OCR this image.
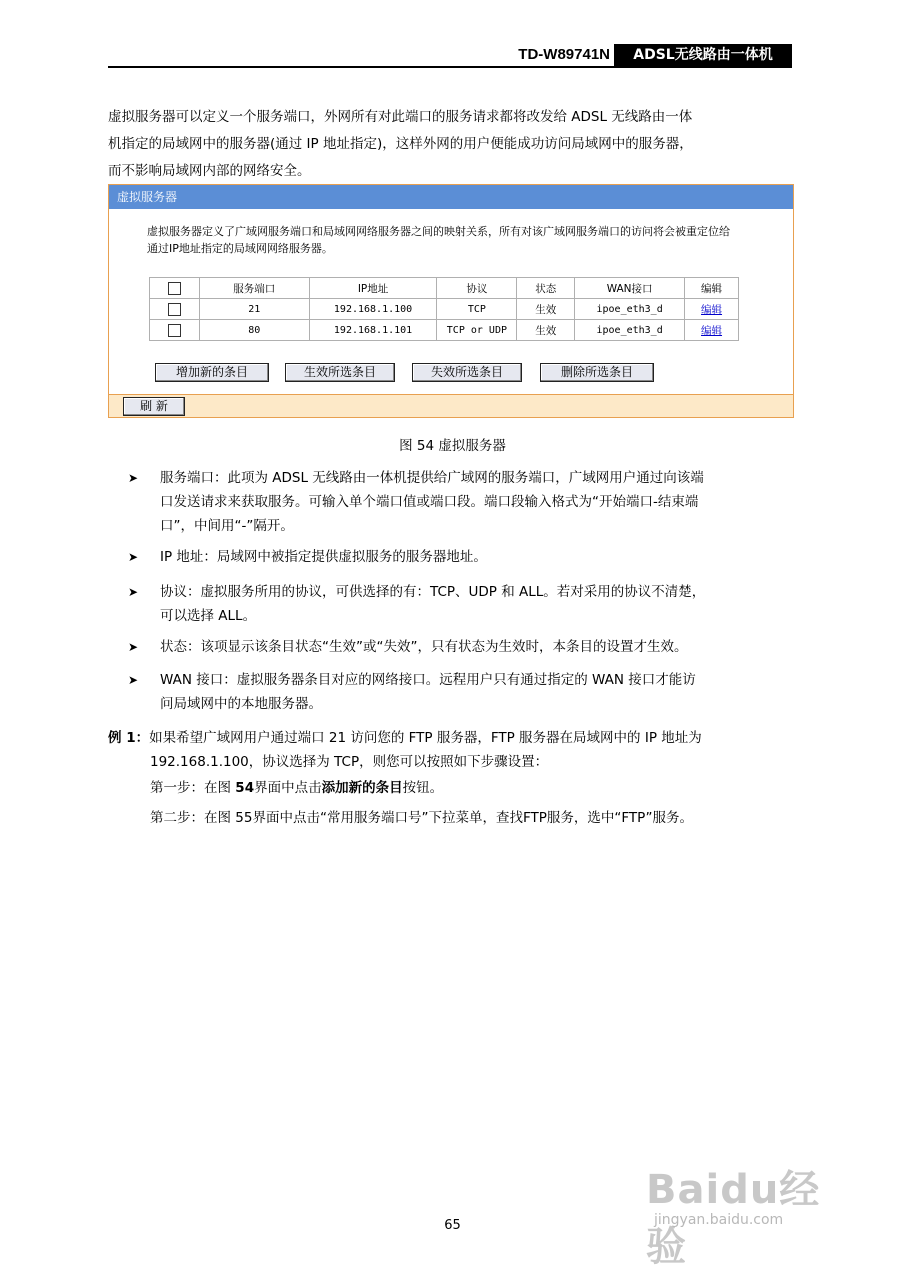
TD-W89741N	ADSL无线路由一体机
虚拟服务器可以定义一个服务端口，外网所有对此端口的服务请求都将改发给 ADSL 无线路由一体
机指定的局域网中的服务器(通过 IP 地址指定)，这样外网的用户便能成功访问局域网中的服务器，
而不影响局域网内部的网络安全。
虚拟服务器
虚拟服务器定义了广域网服务端口和局域网网络服务器之间的映射关系，所有对该广域网服务端口的访问将会被重定位给
通过IP地址指定的局域网网络服务器。
	服务端口	IP地址	协议	状态	WAN接口	编辑
	21	192.168.1.100	TCP	生效	ipoe_eth3_d	编辑
	80	192.168.1.101	TCP or UDP	生效	ipoe_eth3_d	编辑
增加新的条目	生效所选条目	失效所选条目	删除所选条目
刷 新
图 54 虚拟服务器
➤ 服务端口：此项为 ADSL 无线路由一体机提供给广域网的服务端口，广域网用户通过向该端
口发送请求来获取服务。可输入单个端口值或端口段。端口段输入格式为“开始端口-结束端
口”，中间用“-”隔开。
➤ IP 地址：局域网中被指定提供虚拟服务的服务器地址。
➤ 协议：虚拟服务所用的协议，可供选择的有：TCP、UDP 和 ALL。若对采用的协议不清楚，
可以选择 ALL。
➤ 状态：该项显示该条目状态“生效”或“失效”，只有状态为生效时，本条目的设置才生效。
➤ WAN 接口：虚拟服务器条目对应的网络接口。远程用户只有通过指定的 WAN 接口才能访
问局域网中的本地服务器。
例 1：如果希望广域网用户通过端口 21 访问您的 FTP 服务器，FTP 服务器在局域网中的 IP 地址为
192.168.1.100，协议选择为 TCP，则您可以按照如下步骤设置：
第一步：在图 54界面中点击添加新的条目按钮。
第二步：在图 55界面中点击“常用服务端口号”下拉菜单，查找FTP服务，选中“FTP”服务。
Baidu经验
jingyan.baidu.com
65
